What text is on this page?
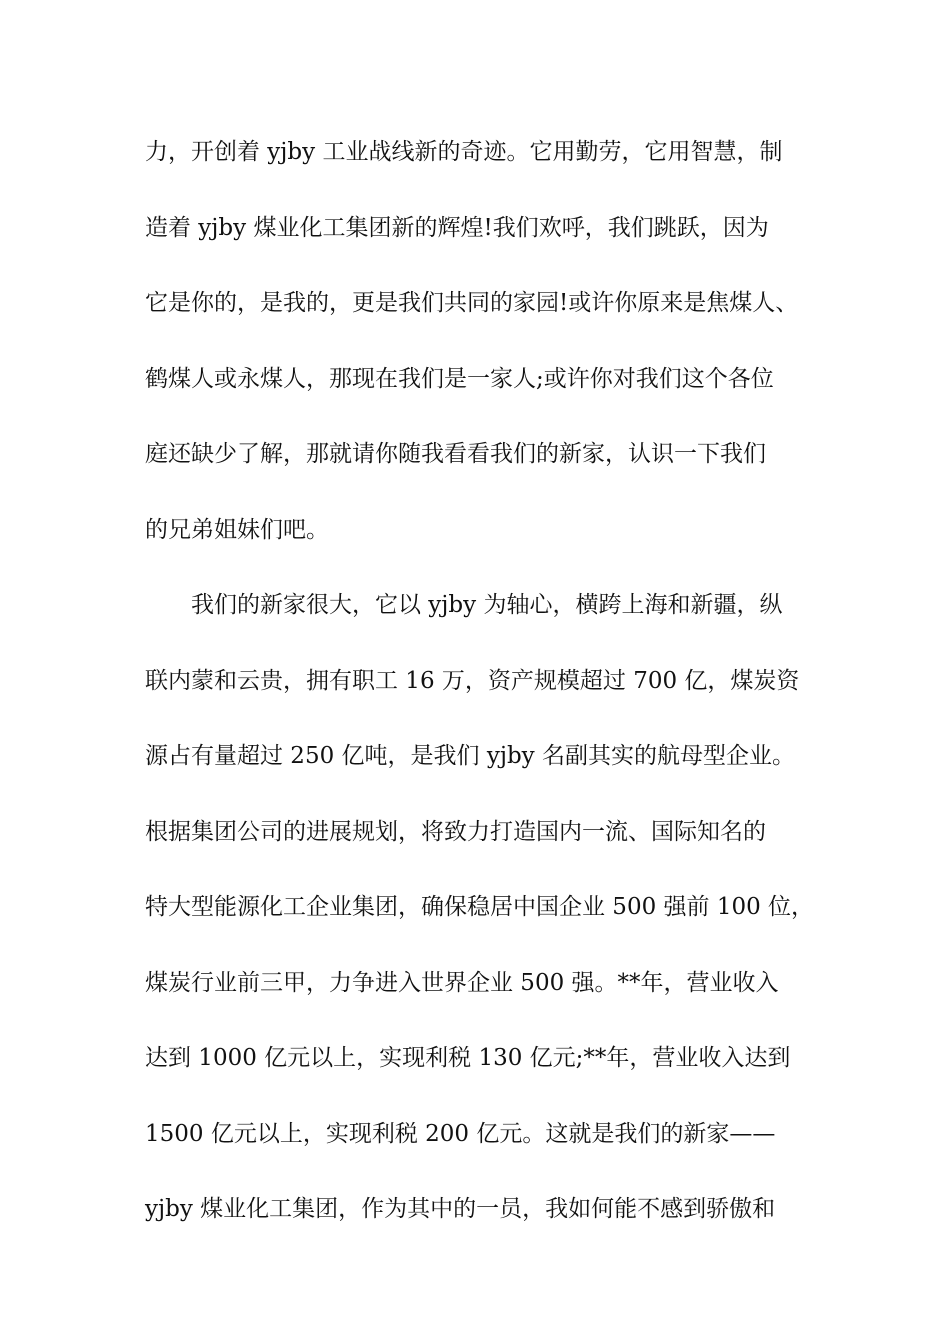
力，开创着 yjby 工业战线新的奇迹。它用勤劳，它用智慧，制
造着 yjby 煤业化工集团新的辉煌!我们欢呼，我们跳跃，因为
它是你的，是我的，更是我们共同的家园!或许你原来是焦煤人、
鹤煤人或永煤人，那现在我们是一家人;或许你对我们这个各位
庭还缺少了解，那就请你随我看看我们的新家，认识一下我们
的兄弟姐妹们吧。
我们的新家很大，它以 yjby 为轴心，横跨上海和新疆，纵
联内蒙和云贵，拥有职工 16 万，资产规模超过 700 亿，煤炭资
源占有量超过 250 亿吨，是我们 yjby 名副其实的航母型企业。
根据集团公司的进展规划，将致力打造国内一流、国际知名的
特大型能源化工企业集团，确保稳居中国企业 500 强前 100 位，
煤炭行业前三甲，力争进入世界企业 500 强。**年，营业收入
达到 1000 亿元以上，实现利税 130 亿元;**年，营业收入达到
1500 亿元以上，实现利税 200 亿元。这就是我们的新家——
yjby 煤业化工集团，作为其中的一员，我如何能不感到骄傲和
